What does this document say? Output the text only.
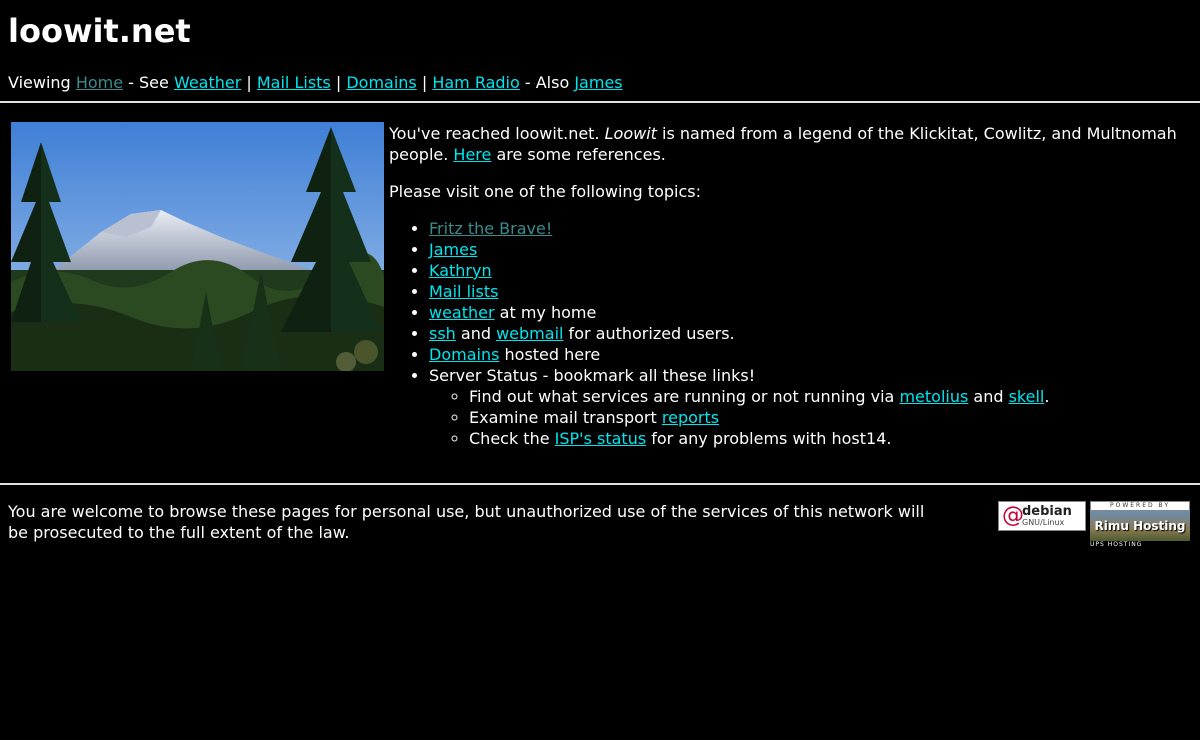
loowit.net
Viewing Home - See Weather | Mail Lists | Domains | Ham Radio - Also James

You've reached loowit.net. Loowit is named from a legend of the Klickitat, Cowlitz, and Multnomah people. Here are some references.

Please visit one of the following topics:

• Fritz the Brave!
• James
• Kathryn
• Mail lists
• weather at my home
• ssh and webmail for authorized users.
• Domains hosted here
• Server Status - bookmark all these links!
◦ Find out what services are running or not running via metolius and skell.
◦ Examine mail transport reports
◦ Check the ISP's status for any problems with host14.
You are welcome to browse these pages for personal use, but unauthorized use of the services of this network will be prosecuted to the full extent of the law.
@
debian
GNU/Linux
POWERED BY
Rimu Hosting
UPS HOSTING
